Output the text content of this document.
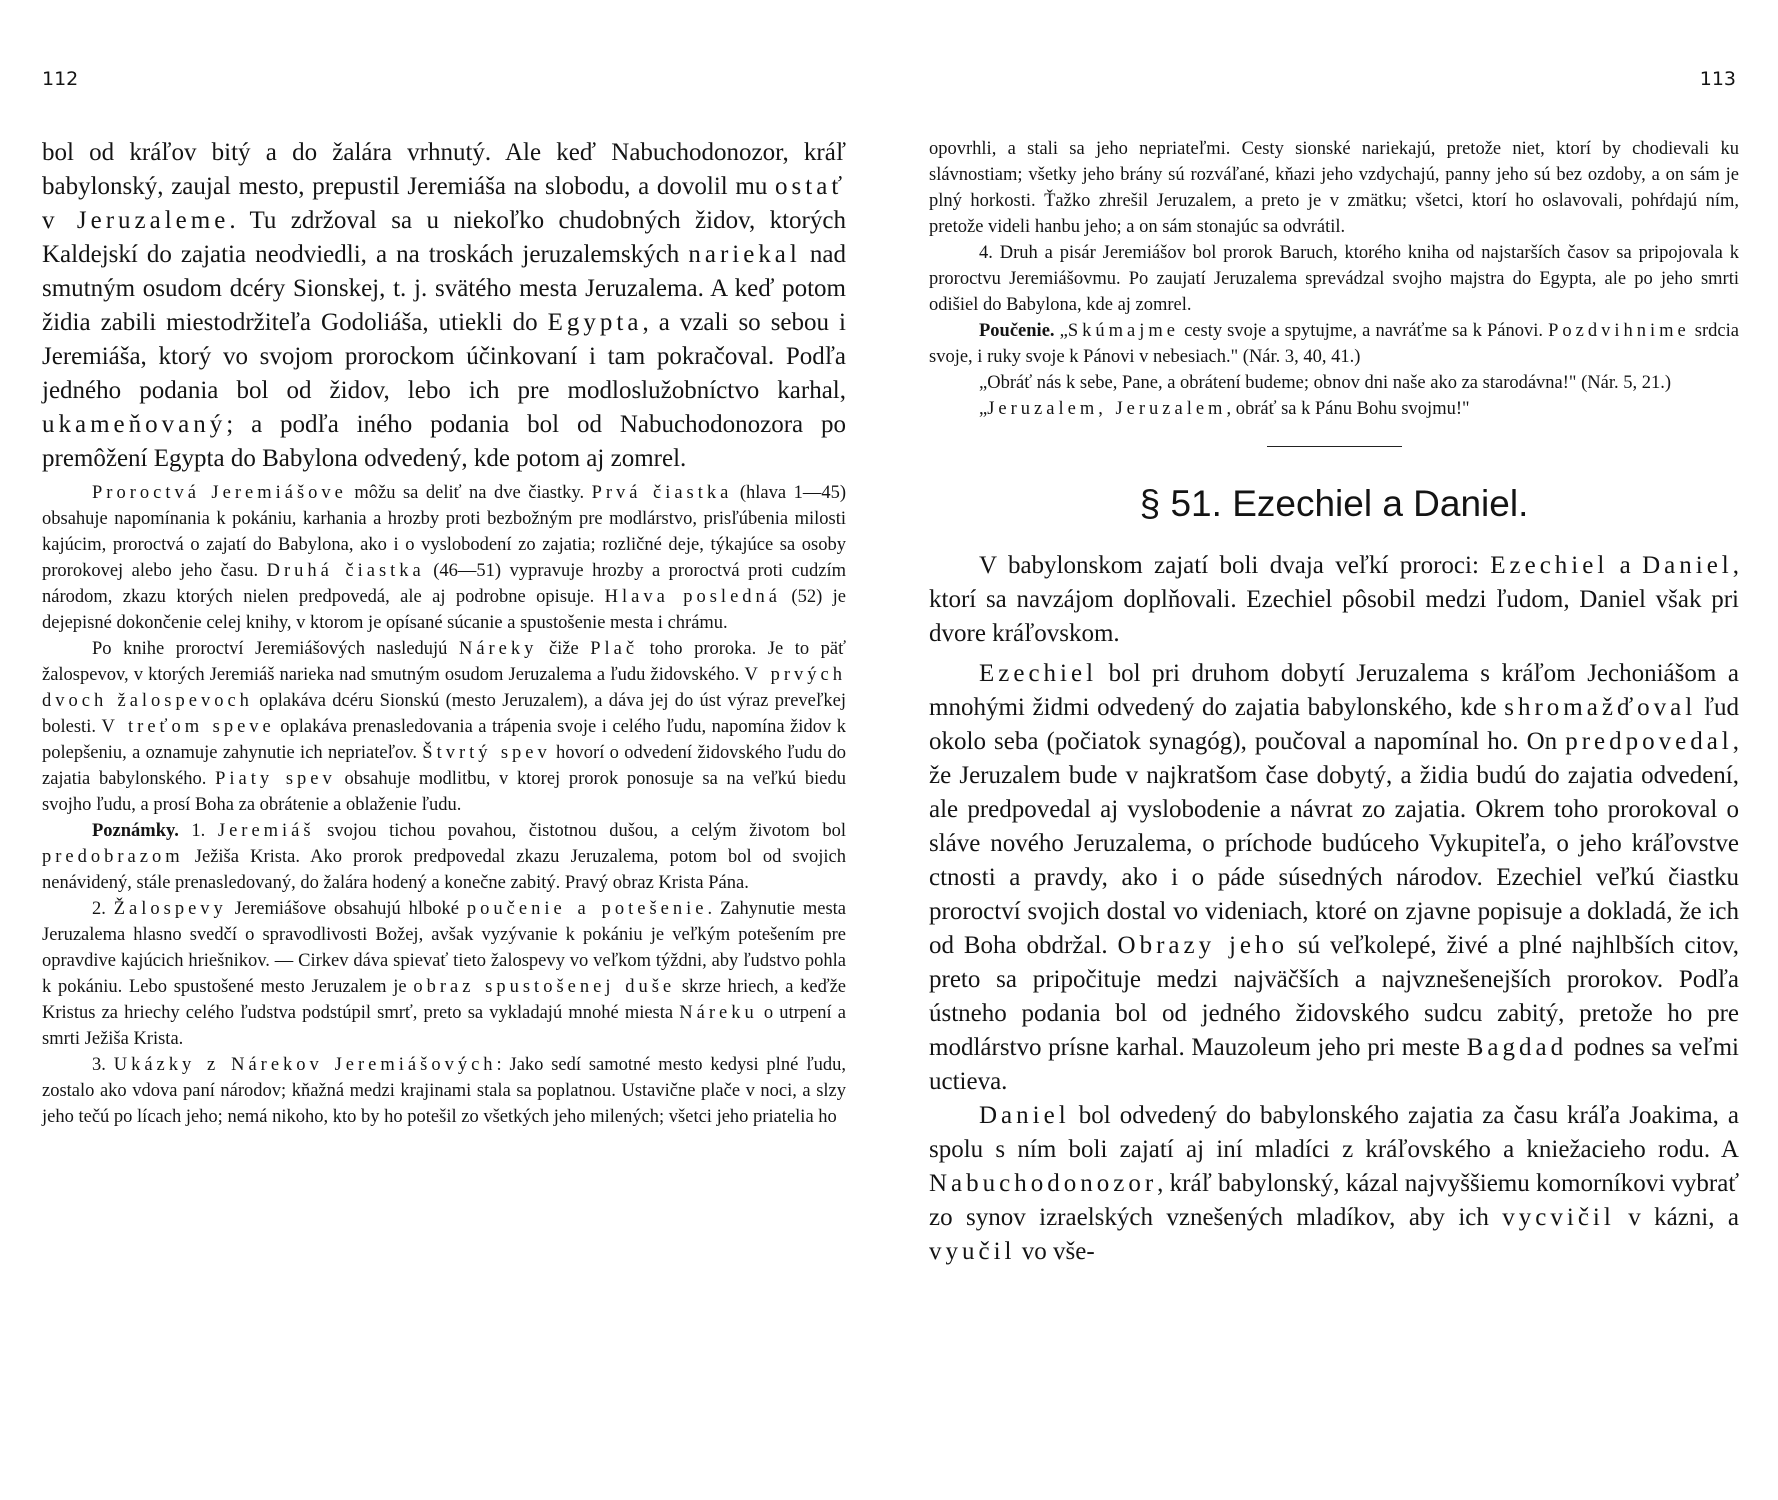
112

bol od kráľov bitý a do žalára vrhnutý. Ale keď Nabuchodonozor, kráľ babylonský, zaujal mesto, prepustil Jeremiáša na slobodu, a dovolil mu ostať v Jeruzaleme. Tu zdržoval sa u niekoľko chudobných židov, ktorých Kaldejskí do zajatia neodviedli, a na troskách jeruzalemských nariekal nad smutným osudom dcéry Sionskej, t. j. svätého mesta Jeruzalema. A keď potom židia zabili miestodržiteľa Godoliáša, utiekli do Egypta, a vzali so sebou i Jeremiáša, ktorý vo svojom prorockom účinkovaní i tam pokračoval. Podľa jedného podania bol od židov, lebo ich pre modloslužobníctvo karhal, ukameňovaný; a podľa iného podania bol od Nabuchodonozora po premôžení Egypta do Babylona odvedený, kde potom aj zomrel.

Proroctvá Jeremiášove môžu sa deliť na dve čiastky. Prvá čiastka (hlava 1—45) obsahuje napomínania k pokániu, karhania a hrozby proti bezbožným pre modlárstvo, prisľúbenia milosti kajúcim, proroctvá o zajatí do Babylona, ako i o vyslobodení zo zajatia; rozličné deje, týkajúce sa osoby prorokovej alebo jeho času. Druhá čiastka (46—51) vypravuje hrozby a proroctvá proti cudzím národom, zkazu ktorých nielen predpovedá, ale aj podrobne opisuje. Hlava posledná (52) je dejepisné dokončenie celej knihy, v ktorom je opísané súcanie a spustošenie mesta i chrámu.

Po knihe proroctví Jeremiášových nasledujú Náreky čiže Plač toho proroka. Je to päť žalospevov, v ktorých Jeremiáš narieka nad smutným osudom Jeruzalema a ľudu židovského. V prvých dvoch žalospevoch oplakáva dcéru Sionskú (mesto Jeruzalem), a dáva jej do úst výraz preveľkej bolesti. V treťom speve oplakáva prenasledovania a trápenia svoje i celého ľudu, napomína židov k polepšeniu, a oznamuje zahynutie ich nepriateľov. Štvrtý spev hovorí o odvedení židovského ľudu do zajatia babylonského. Piaty spev obsahuje modlitbu, v ktorej prorok ponosuje sa na veľkú biedu svojho ľudu, a prosí Boha za obrátenie a oblaženie ľudu.

Poznámky. 1. Jeremiáš svojou tichou povahou, čistotnou dušou, a celým životom bol predobrazom Ježiša Krista. Ako prorok predpovedal zkazu Jeruzalema, potom bol od svojich nenávidený, stále prenasledovaný, do žalára hodený a konečne zabitý. Pravý obraz Krista Pána.

2. Žalospevy Jeremiášove obsahujú hlboké poučenie a potešenie. Zahynutie mesta Jeruzalema hlasno svedčí o spravodlivosti Božej, avšak vyzývanie k pokániu je veľkým potešením pre opravdive kajúcich hriešnikov. — Cirkev dáva spievať tieto žalospevy vo veľkom týždni, aby ľudstvo pohla k pokániu. Lebo spustošené mesto Jeruzalem je obraz spustošenej duše skrze hriech, a keďže Kristus za hriechy celého ľudstva podstúpil smrť, preto sa vykladajú mnohé miesta Náreku o utrpení a smrti Ježiša Krista.

3. Ukázky z Nárekov Jeremiášových: Jako sedí samotné mesto kedysi plné ľudu, zostalo ako vdova paní národov; kňažná medzi krajinami stala sa poplatnou. Ustavične plače v noci, a slzy jeho tečú po lícach jeho; nemá nikoho, kto by ho potešil zo všetkých jeho milených; všetci jeho priatelia ho

113

opovrhli, a stali sa jeho nepriateľmi. Cesty sionské nariekajú, pretože niet, ktorí by chodievali ku slávnostiam; všetky jeho brány sú rozváľané, kňazi jeho vzdychajú, panny jeho sú bez ozdoby, a on sám je plný horkosti. Ťažko zhrešil Jeruzalem, a preto je v zmätku; všetci, ktorí ho oslavovali, pohŕdajú ním, pretože videli hanbu jeho; a on sám stonajúc sa odvrátil.

4. Druh a pisár Jeremiášov bol prorok Baruch, ktorého kniha od najstarších časov sa pripojovala k proroctvu Jeremiášovmu. Po zaujatí Jeruzalema sprevádzal svojho majstra do Egypta, ale po jeho smrti odišiel do Babylona, kde aj zomrel.

Poučenie. „Skúmajme cesty svoje a spytujme, a navráťme sa k Pánovi. Pozdvihnime srdcia svoje, i ruky svoje k Pánovi v nebesiach." (Nár. 3, 40, 41.)

„Obráť nás k sebe, Pane, a obrátení budeme; obnov dni naše ako za starodávna!" (Nár. 5, 21.)

„Jeruzalem, Jeruzalem, obráť sa k Pánu Bohu svojmu!"

§ 51. Ezechiel a Daniel.

V babylonskom zajatí boli dvaja veľkí proroci: Ezechiel a Daniel, ktorí sa navzájom doplňovali. Ezechiel pôsobil medzi ľudom, Daniel však pri dvore kráľovskom.

Ezechiel bol pri druhom dobytí Jeruzalema s kráľom Jechoniášom a mnohými židmi odvedený do zajatia babylonského, kde shromažďoval ľud okolo seba (počiatok synagóg), poučoval a napomínal ho. On predpovedal, že Jeruzalem bude v najkratšom čase dobytý, a židia budú do zajatia odvedení, ale predpovedal aj vyslobodenie a návrat zo zajatia. Okrem toho prorokoval o sláve nového Jeruzalema, o príchode budúceho Vykupiteľa, o jeho kráľovstve ctnosti a pravdy, ako i o páde súsedných národov. Ezechiel veľkú čiastku proroctví svojich dostal vo videniach, ktoré on zjavne popisuje a dokladá, že ich od Boha obdržal. Obrazy jeho sú veľkolepé, živé a plné najhlbších citov, preto sa pripočituje medzi najväčších a najvznešenejších prorokov. Podľa ústneho podania bol od jedného židovského sudcu zabitý, pretože ho pre modlárstvo prísne karhal. Mauzoleum jeho pri meste Bagdad podnes sa veľmi uctieva.

Daniel bol odvedený do babylonského zajatia za času kráľa Joakima, a spolu s ním boli zajatí aj iní mladíci z kráľovského a kniežacieho rodu. A Nabuchodonozor, kráľ babylonský, kázal najvyššiemu komorníkovi vybrať zo synov izraelských vznešených mladíkov, aby ich vycvičil v kázni, a vyučil vo vše-
